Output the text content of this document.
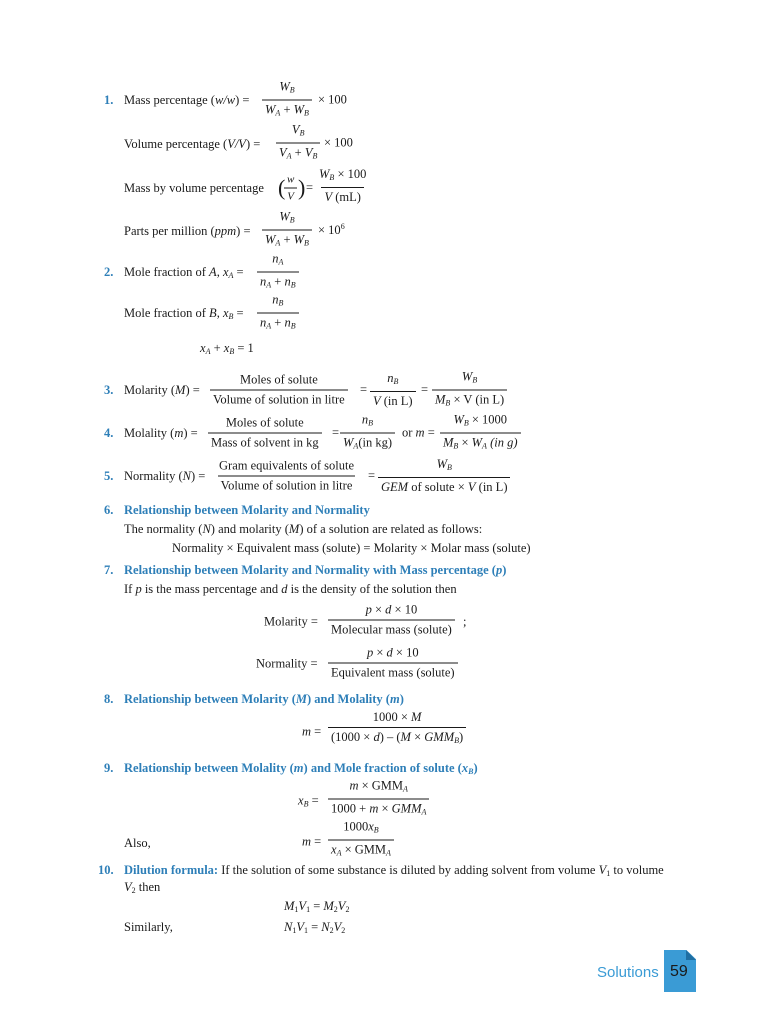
1. Mass percentage $(w/w) = \frac{W_B}{W_A + W_B} \times 100$
Volume percentage $(V/V) = \frac{V_B}{V_A + V_B} \times 100$
Mass by volume percentage (
$\frac{w}{V}$ ) = $\frac{W_B \times 100}{V (mL)}$
Parts per million $(ppm) = \frac{W_B}{W_A + W_B} \times 10^6$
2. Mole fraction of A, $x_A = \frac{n_A}{n_A + n_B}$
Mole fraction of B, $x_B = \frac{n_B}{n_A + n_B}$
$x_A + x_B = 1$
3. Molarity (M) =
Moles of solute
Volume of solution in litre
= $\frac{n_B}{\text{V (in L)}} = \frac{W_B}{M_B \times V (in L)}$
4. Molality (m) =
Moles of solute
Mass of solvent in kg
= $\frac{n_B}{W_A(in kg)}$ or $m = \frac{W_B \times 1000}{M_B \times W_A (in g)}$
5. Normality (N) =
Gram equivalents of solute
Volume of solution in litre
=
$W_B$
GEM of solute × V (in L)
6. Relationship between Molarity and Normality
The normality (N) and molarity (M) of a solution are related as follows:
Normality × Equivalent mass (solute) = Molarity × Molar mass (solute)
7. Relationship between Molarity and Normality with Mass percentage (p)
If p is the mass percentage and d is the density of the solution then
Molarity =
p × d × 10
Molecular mass (solute)
;
Normality =
p × d × 10
Equivalent mass (solute)
8. Relationship between Molarity (M) and Molality (m)
m =
1000 × M
$(1000 \times d) - (M \times GMM_B)$
9. Relationship between Molality (m) and Mole fraction of solute $(x_B)$
$x_B$ =
$m \times GMM_A$
$1000 + m \times GMM_A$
Also,	m =
$1000x_B$
$x_A \times GMM_A$
10. Dilution formula: If the solution of some substance is diluted by adding solvent from volume $V_1$ to volume
$V_2$ then
$M_1V_1 = M_2V_2$
Similarly,	$N_1V_1 = N_2V_2$
Solutions 59
